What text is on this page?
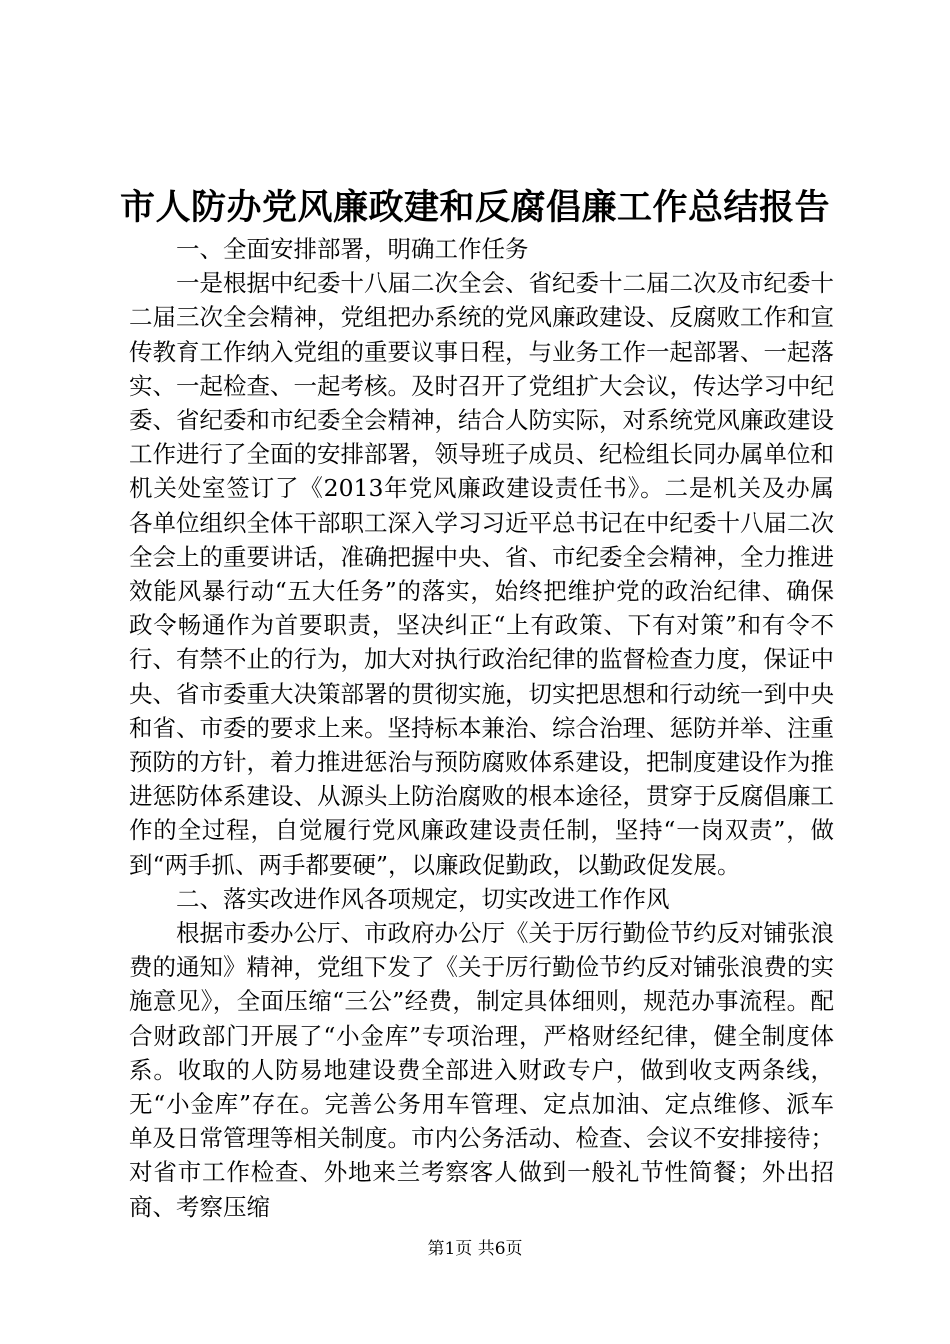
市人防办党风廉政建和反腐倡廉工作总结报告

一、全面安排部署，明确工作任务

一是根据中纪委十八届二次全会、省纪委十二届二次及市纪委十二届三次全会精神，党组把办系统的党风廉政建设、反腐败工作和宣传教育工作纳入党组的重要议事日程，与业务工作一起部署、一起落实、一起检查、一起考核。及时召开了党组扩大会议，传达学习中纪委、省纪委和市纪委全会精神，结合人防实际，对系统党风廉政建设工作进行了全面的安排部署，领导班子成员、纪检组长同办属单位和机关处室签订了《2013年党风廉政建设责任书》。二是机关及办属各单位组织全体干部职工深入学习习近平总书记在中纪委十八届二次全会上的重要讲话，准确把握中央、省、市纪委全会精神，全力推进效能风暴行动“五大任务”的落实，始终把维护党的政治纪律、确保政令畅通作为首要职责，坚决纠正“上有政策、下有对策”和有令不行、有禁不止的行为，加大对执行政治纪律的监督检查力度，保证中央、省市委重大决策部署的贯彻实施，切实把思想和行动统一到中央和省、市委的要求上来。坚持标本兼治、综合治理、惩防并举、注重预防的方针，着力推进惩治与预防腐败体系建设，把制度建设作为推进惩防体系建设、从源头上防治腐败的根本途径，贯穿于反腐倡廉工作的全过程，自觉履行党风廉政建设责任制，坚持“一岗双责”，做到“两手抓、两手都要硬”，以廉政促勤政，以勤政促发展。

二、落实改进作风各项规定，切实改进工作作风

根据市委办公厅、市政府办公厅《关于厉行勤俭节约反对铺张浪费的通知》精神，党组下发了《关于厉行勤俭节约反对铺张浪费的实施意见》，全面压缩“三公”经费，制定具体细则，规范办事流程。配合财政部门开展了“小金库”专项治理，严格财经纪律，健全制度体系。收取的人防易地建设费全部进入财政专户，做到收支两条线，无“小金库”存在。完善公务用车管理、定点加油、定点维修、派车单及日常管理等相关制度。市内公务活动、检查、会议不安排接待；对省市工作检查、外地来兰考察客人做到一般礼节性简餐；外出招商、考察压缩

第1页 共6页
